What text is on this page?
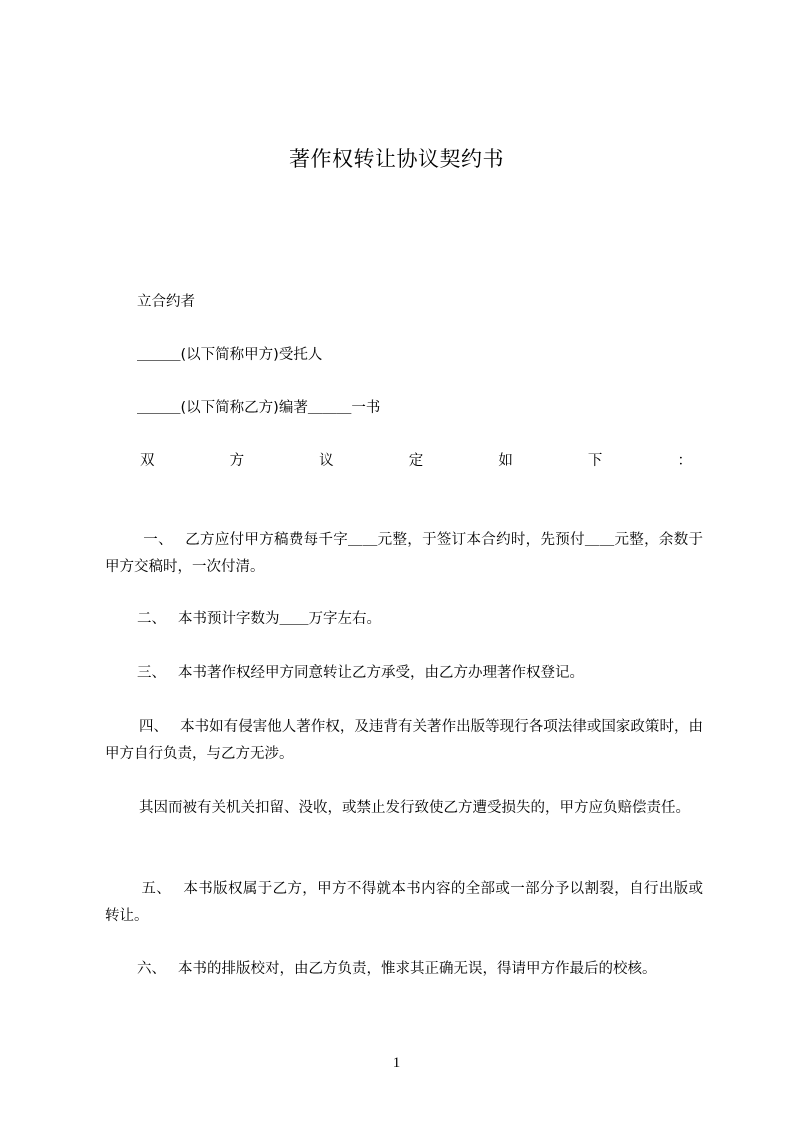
著作权转让协议契约书
立合约者
＿＿＿(以下简称甲方)受托人
＿＿＿(以下简称乙方)编著＿＿＿一书
双	方	议	定	如	下	：
一、 乙方应付甲方稿费每千字＿＿元整，于签订本合约时，先预付＿＿元整，余数于甲方交稿时，一次付清。
二、 本书预计字数为＿＿万字左右。
三、 本书著作权经甲方同意转让乙方承受，由乙方办理著作权登记。
四、 本书如有侵害他人著作权，及违背有关著作出版等现行各项法律或国家政策时，由甲方自行负责，与乙方无涉。
其因而被有关机关扣留、没收，或禁止发行致使乙方遭受损失的，甲方应负赔偿责任。
五、 本书版权属于乙方，甲方不得就本书内容的全部或一部分予以割裂，自行出版或转让。
六、 本书的排版校对，由乙方负责，惟求其正确无误，得请甲方作最后的校核。
1
